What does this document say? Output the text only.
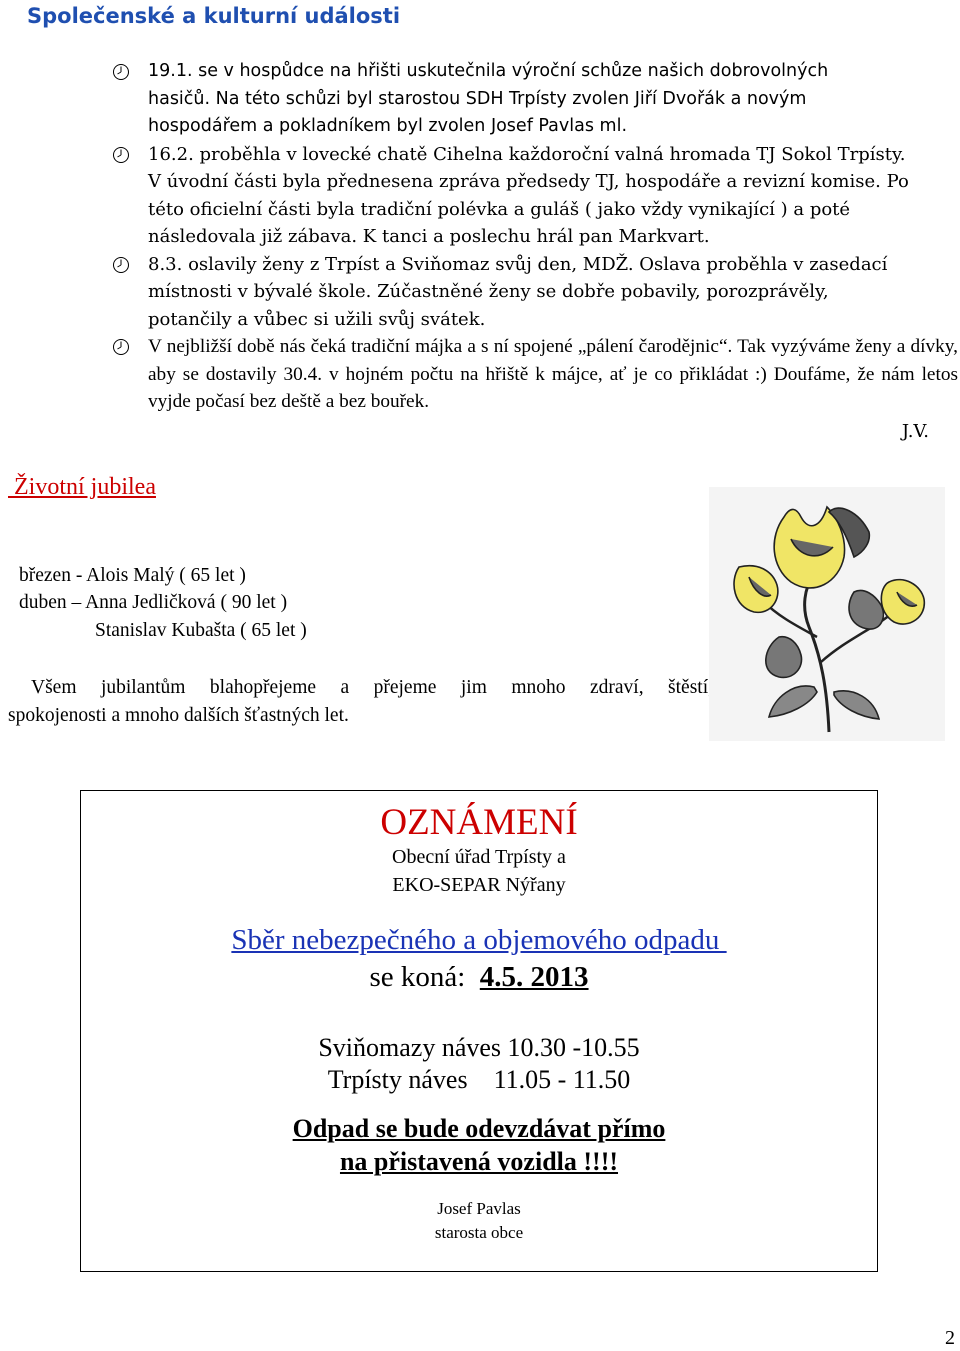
Společenské a kulturní události
19.1. se v hospůdce na hřišti uskutečnila výroční schůze našich dobrovolných
hasičů. Na této schůzi byl starostou SDH Trpísty zvolen Jiří Dvořák a novým
hospodářem a pokladníkem byl zvolen Josef Pavlas ml.
16.2. proběhla v lovecké chatě Cihelna každoroční valná hromada TJ Sokol Trpísty.
V úvodní části byla přednesena zpráva předsedy TJ, hospodáře a revizní komise. Po
této oficielní části byla tradiční polévka a guláš ( jako vždy vynikající ) a poté
následovala již zábava. K tanci a poslechu hrál pan Markvart.
8.3. oslavily ženy z Trpíst a Sviňomaz svůj den, MDŽ. Oslava proběhla v zasedací
místnosti v bývalé škole. Zúčastněné ženy se dobře pobavily, porozprávěly,
potančily a vůbec si užili svůj svátek.
V nejbližší době nás čeká tradiční májka a s ní spojené „pálení čarodějnic“. Tak vyzýváme ženy a dívky, aby se dostavily 30.4. v hojném počtu na hřiště k májce, ať je co přikládat :) Doufáme, že nám letos vyjde počasí bez deště a bez bouřek.
J.V.
Životní jubilea
březen - Alois Malý ( 65 let )
duben – Anna Jedličková ( 90 let )
Stanislav Kubašta ( 65 let )
Všem jubilantům blahopřejeme a přejeme jim mnoho zdraví, štěstí,
spokojenosti a mnoho dalších šťastných let.
OZNÁMENÍ
Obecní úřad Trpísty a
EKO-SEPAR Nýřany
Sběr nebezpečného a objemového odpadu
se koná:  4.5. 2013
Sviňomazy náves 10.30 -10.55
Trpísty náves    11.05 - 11.50
Odpad se bude odevzdávat přímo
na přistavená vozidla !!!!
Josef Pavlas
starosta obce
2
